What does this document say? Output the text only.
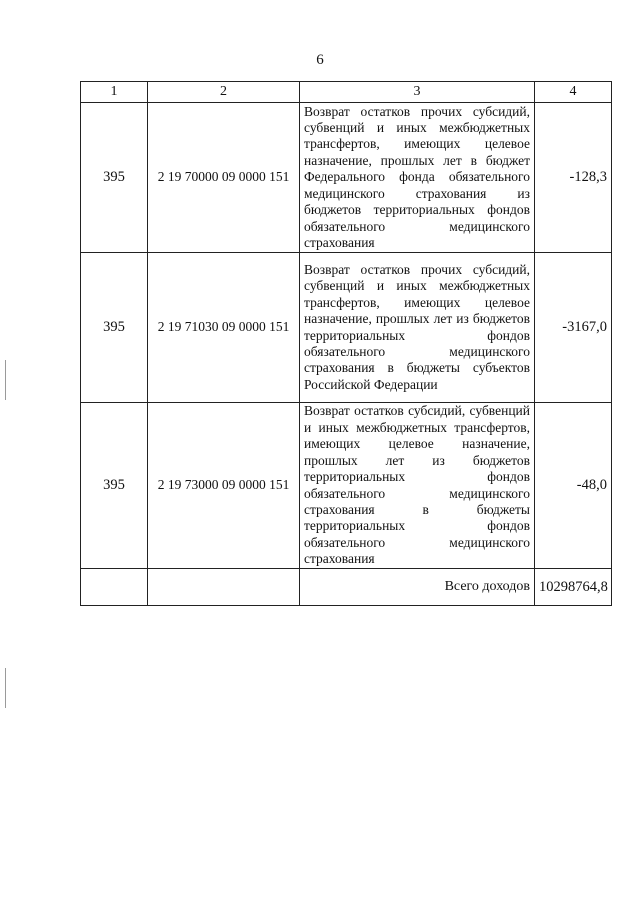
6
1	2	3	4
395	2 19 70000 09 0000 151	Возврат остатков прочих субсидий, субвенций и иных межбюджетных трансфертов, имеющих целевое назначение, прошлых лет в бюджет Федерального фонда обязательного медицинского страхования из бюджетов территориальных фондов обязательного медицинского страхования	-128,3
395	2 19 71030 09 0000 151	Возврат остатков прочих субсидий, субвенций и иных межбюджетных трансфертов, имеющих целевое назначение, прошлых лет из бюджетов территориальных фондов обязательного медицинского страхования в бюджеты субъектов Российской Федерации	-3167,0
395	2 19 73000 09 0000 151	Возврат остатков субсидий, субвенций и иных межбюджетных трансфертов, имеющих целевое назначение, прошлых лет из бюджетов территориальных фондов обязательного медицинского страхования в бюджеты территориальных фондов обязательного медицинского страхования	-48,0
		Всего доходов	10298764,8
